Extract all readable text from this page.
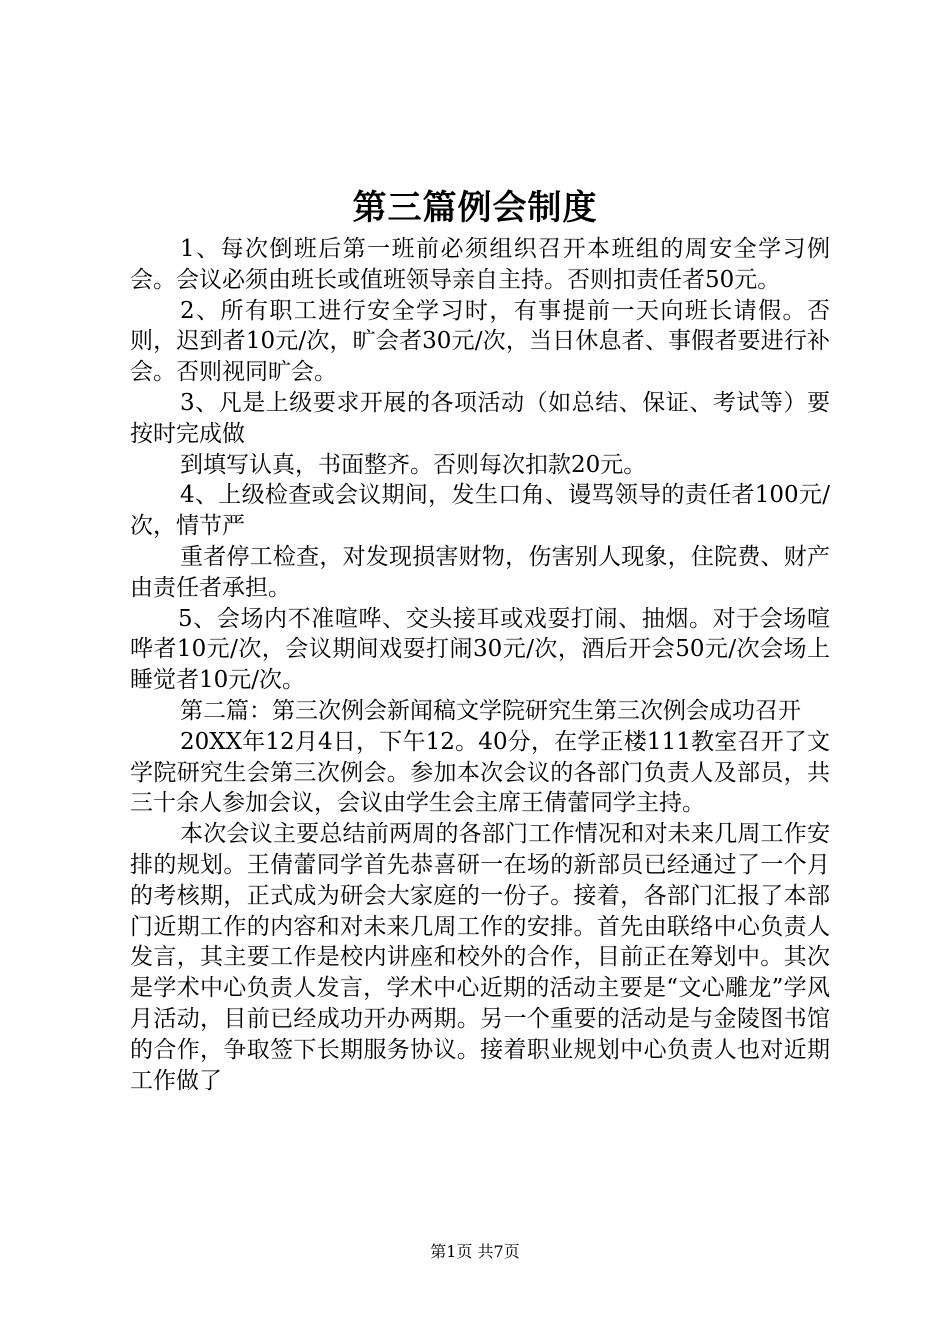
第三篇例会制度

1、每次倒班后第一班前必须组织召开本班组的周安全学习例会。会议必须由班长或值班领导亲自主持。否则扣责任者50元。

2、所有职工进行安全学习时，有事提前一天向班长请假。否则，迟到者10元/次，旷会者30元/次，当日休息者、事假者要进行补会。否则视同旷会。

3、凡是上级要求开展的各项活动（如总结、保证、考试等）要按时完成做

到填写认真，书面整齐。否则每次扣款20元。

4、上级检查或会议期间，发生口角、谩骂领导的责任者100元/次，情节严

重者停工检查，对发现损害财物，伤害别人现象，住院费、财产由责任者承担。

5、会场内不准喧哗、交头接耳或戏耍打闹、抽烟。对于会场喧哗者10元/次，会议期间戏耍打闹30元/次，酒后开会50元/次会场上睡觉者10元/次。

第二篇：第三次例会新闻稿文学院研究生第三次例会成功召开

20XX年12月4日，下午12。40分，在学正楼111教室召开了文学院研究生会第三次例会。参加本次会议的各部门负责人及部员，共三十余人参加会议，会议由学生会主席王倩蕾同学主持。

本次会议主要总结前两周的各部门工作情况和对未来几周工作安排的规划。王倩蕾同学首先恭喜研一在场的新部员已经通过了一个月的考核期，正式成为研会大家庭的一份子。接着，各部门汇报了本部门近期工作的内容和对未来几周工作的安排。首先由联络中心负责人发言，其主要工作是校内讲座和校外的合作，目前正在筹划中。其次是学术中心负责人发言，学术中心近期的活动主要是“文心雕龙”学风月活动，目前已经成功开办两期。另一个重要的活动是与金陵图书馆的合作，争取签下长期服务协议。接着职业规划中心负责人也对近期工作做了

第1页 共7页
